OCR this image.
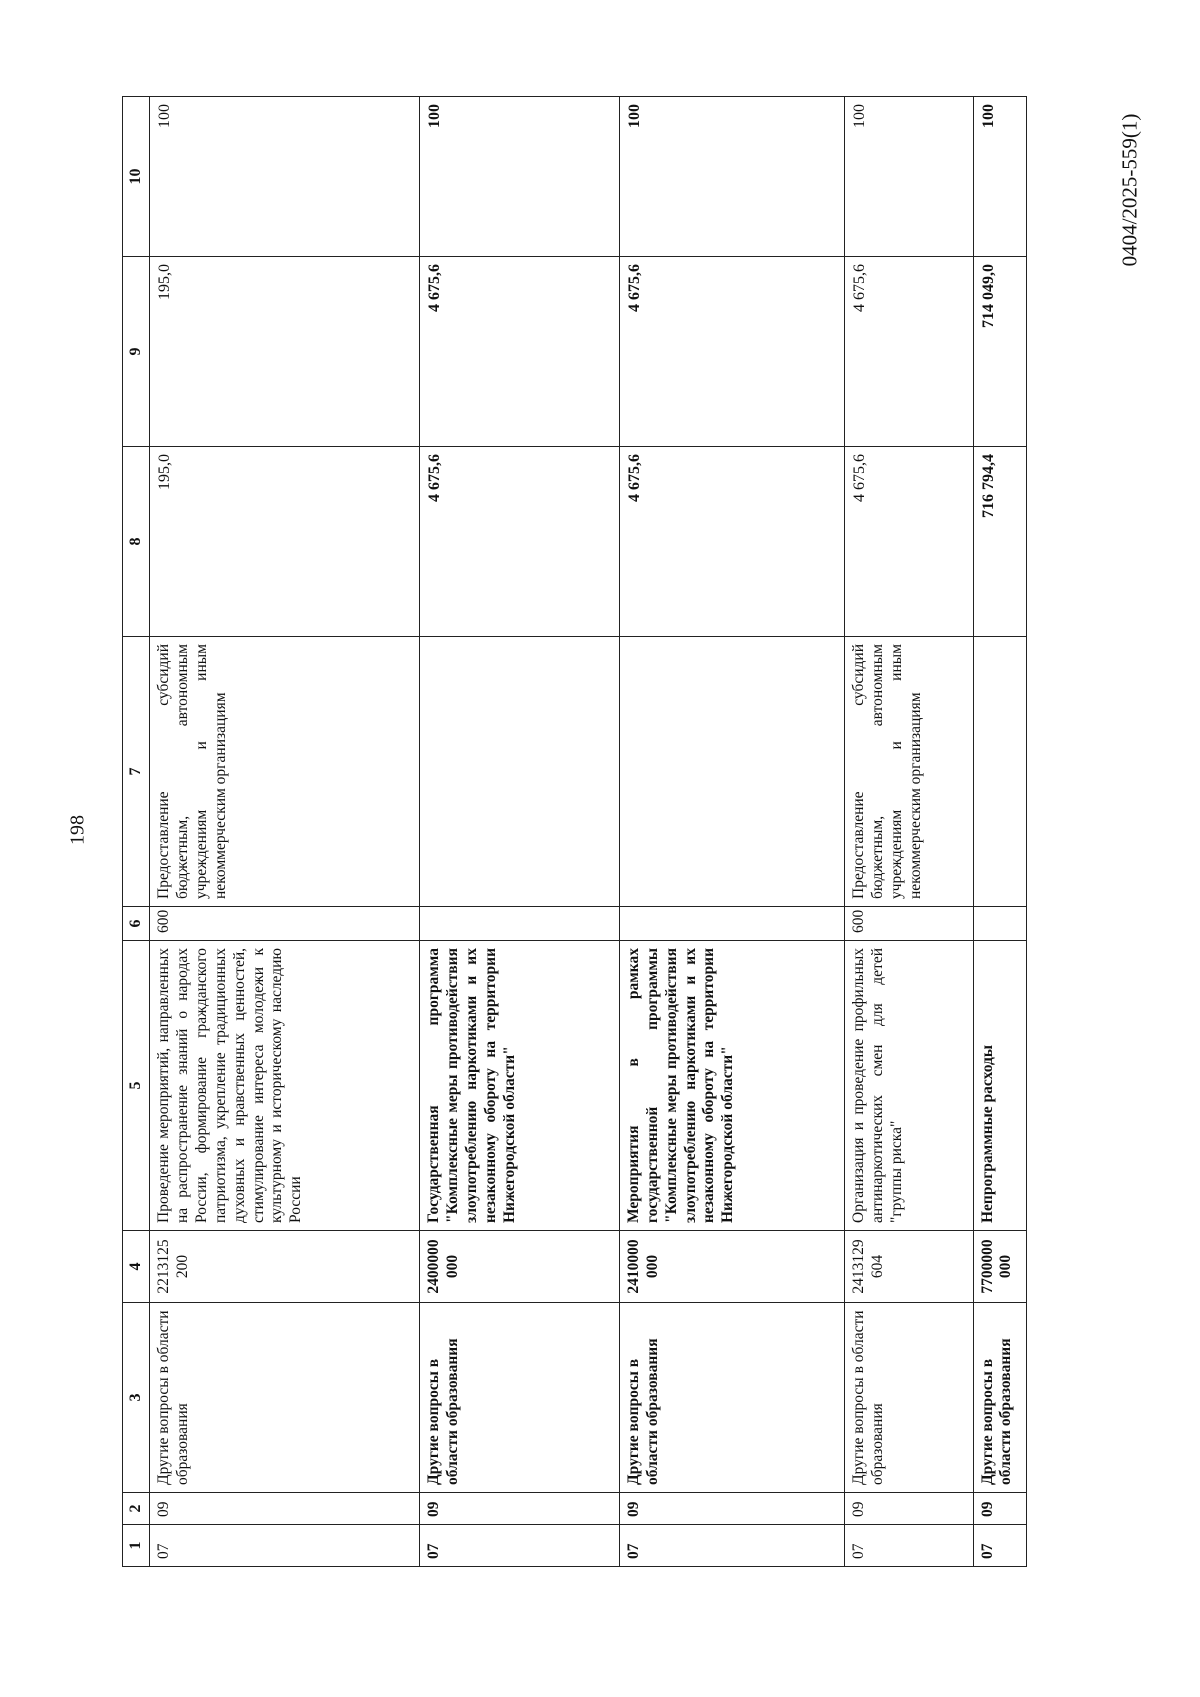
198
0404/2025-559(1)
1	2	3	4	5	6	7	8	9	10
07	09	Другие вопросы в области образования	2213125200	Проведение мероприятий, направленных на распространение знаний о народах России, формирование гражданского патриотизма, укрепление традиционных духовных и нравственных ценностей, стимулирование интереса молодежи к культурному и историческому наследию России	600	Предоставление субсидий бюджетным, автономным учреждениям и иным некоммерческим организациям	195,0	195,0	100
07	09	Другие вопросы в области образования	2400000000	Государственная программа "Комплексные меры противодействия злоупотреблению наркотиками и их незаконному обороту на территории Нижегородской области"			4 675,6	4 675,6	100
07	09	Другие вопросы в области образования	2410000000	Мероприятия в рамках государственной программы "Комплексные меры противодействия злоупотреблению наркотиками и их незаконному обороту на территории Нижегородской области"			4 675,6	4 675,6	100
07	09	Другие вопросы в области образования	2413129604	Организация и проведение профильных антинаркотических смен для детей "группы риска"	600	Предоставление субсидий бюджетным, автономным учреждениям и иным некоммерческим организациям	4 675,6	4 675,6	100
07	09	Другие вопросы в области образования	7700000000	Непрограммные расходы			716 794,4	714 049,0	100
